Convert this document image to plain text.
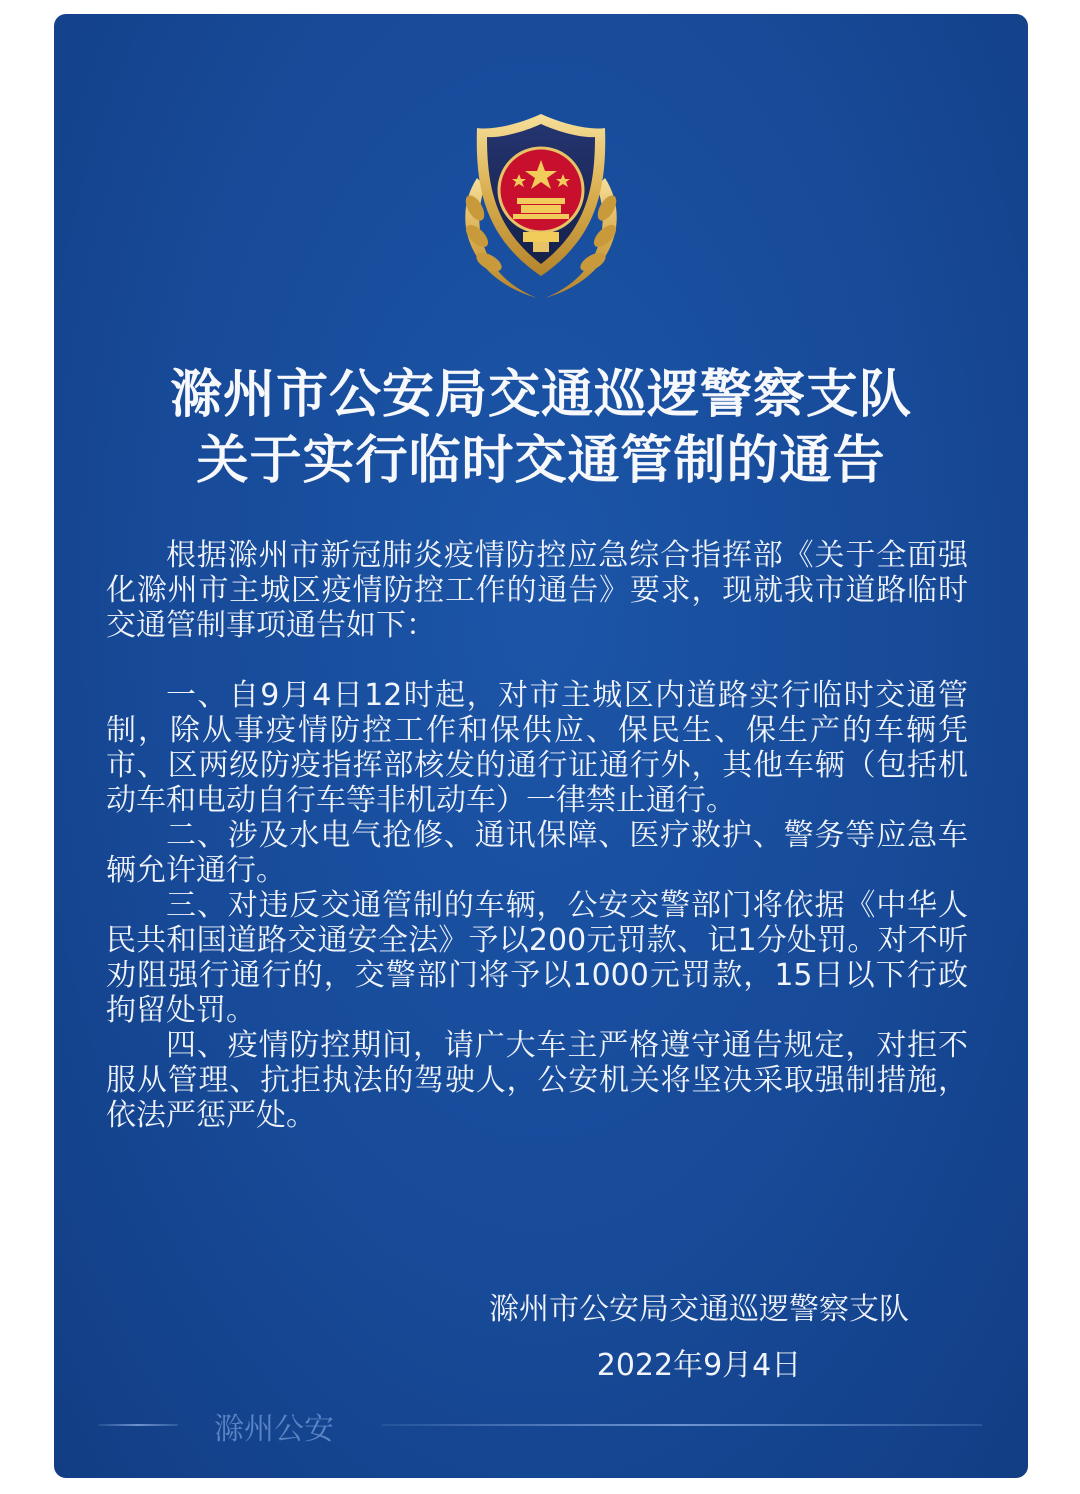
滁州市公安局交通巡逻警察支队
关于实行临时交通管制的通告

根据滁州市新冠肺炎疫情防控应急综合指挥部《关于全面强化滁州市主城区疫情防控工作的通告》要求，现就我市道路临时交通管制事项通告如下：

一、自9月4日12时起，对市主城区内道路实行临时交通管制，除从事疫情防控工作和保供应、保民生、保生产的车辆凭市、区两级防疫指挥部核发的通行证通行外，其他车辆（包括机动车和电动自行车等非机动车）一律禁止通行。

二、涉及水电气抢修、通讯保障、医疗救护、警务等应急车辆允许通行。

三、对违反交通管制的车辆，公安交警部门将依据《中华人民共和国道路交通安全法》予以200元罚款、记1分处罚。对不听劝阻强行通行的，交警部门将予以1000元罚款，15日以下行政拘留处罚。

四、疫情防控期间，请广大车主严格遵守通告规定，对拒不服从管理、抗拒执法的驾驶人，公安机关将坚决采取强制措施，依法严惩严处。

滁州市公安局交通巡逻警察支队
2022年9月4日
滁州公安
